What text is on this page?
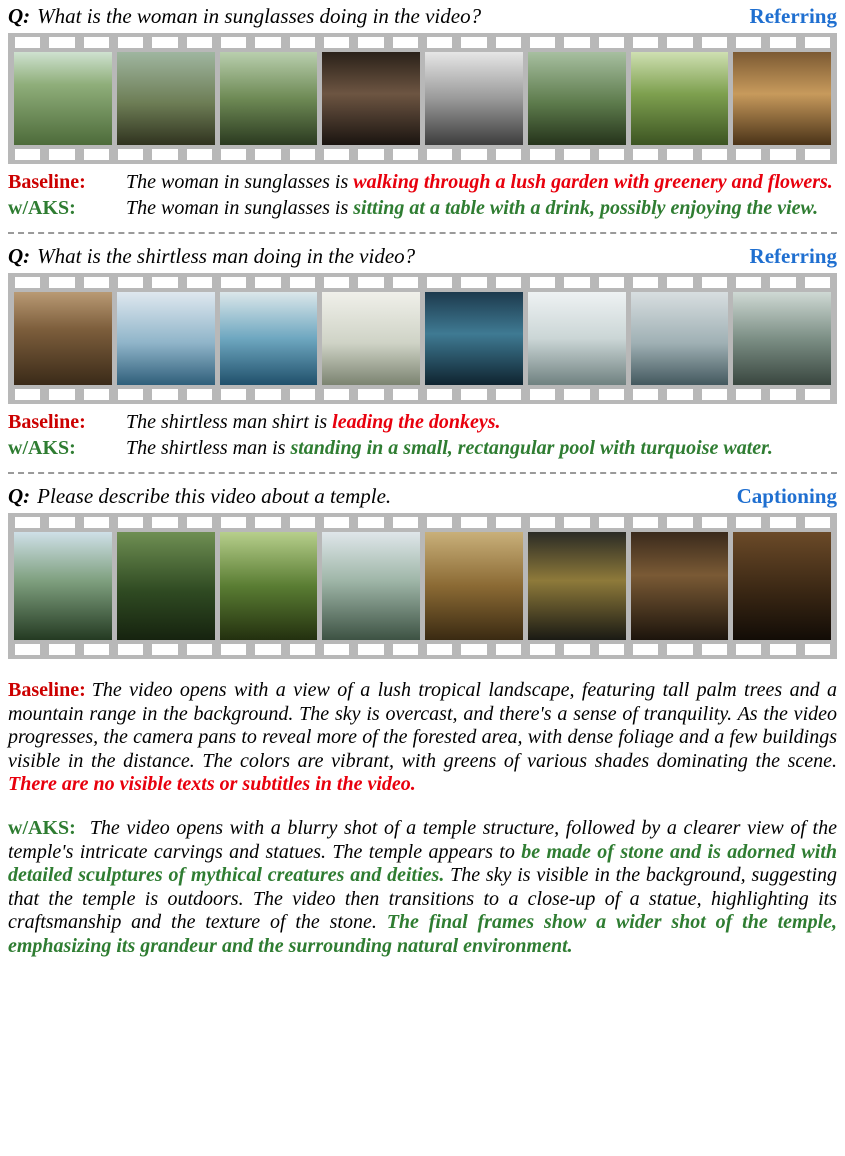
Q: What is the woman in sunglasses doing in the video?	Referring
Baseline:	The woman in sunglasses is walking through a lush garden with greenery and flowers.
w/AKS:	The woman in sunglasses is sitting at a table with a drink, possibly enjoying the view.
Q: What is the shirtless man doing in the video?	Referring
Baseline:	The shirtless man shirt is leading the donkeys.
w/AKS:	The shirtless man is standing in a small, rectangular pool with turquoise water.
Q: Please describe this video about a temple.	Captioning

Baseline: The video opens with a view of a lush tropical landscape, featuring tall palm trees and a mountain range in the background. The sky is overcast, and there's a sense of tranquility. As the video progresses, the camera pans to reveal more of the forested area, with dense foliage and a few buildings visible in the distance. The colors are vibrant, with greens of various shades dominating the scene. There are no visible texts or subtitles in the video.

w/AKS: The video opens with a blurry shot of a temple structure, followed by a clearer view of the temple's intricate carvings and statues. The temple appears to be made of stone and is adorned with detailed sculptures of mythical creatures and deities. The sky is visible in the background, suggesting that the temple is outdoors. The video then transitions to a close-up of a statue, highlighting its craftsmanship and the texture of the stone. The final frames show a wider shot of the temple, emphasizing its grandeur and the surrounding natural environment.
